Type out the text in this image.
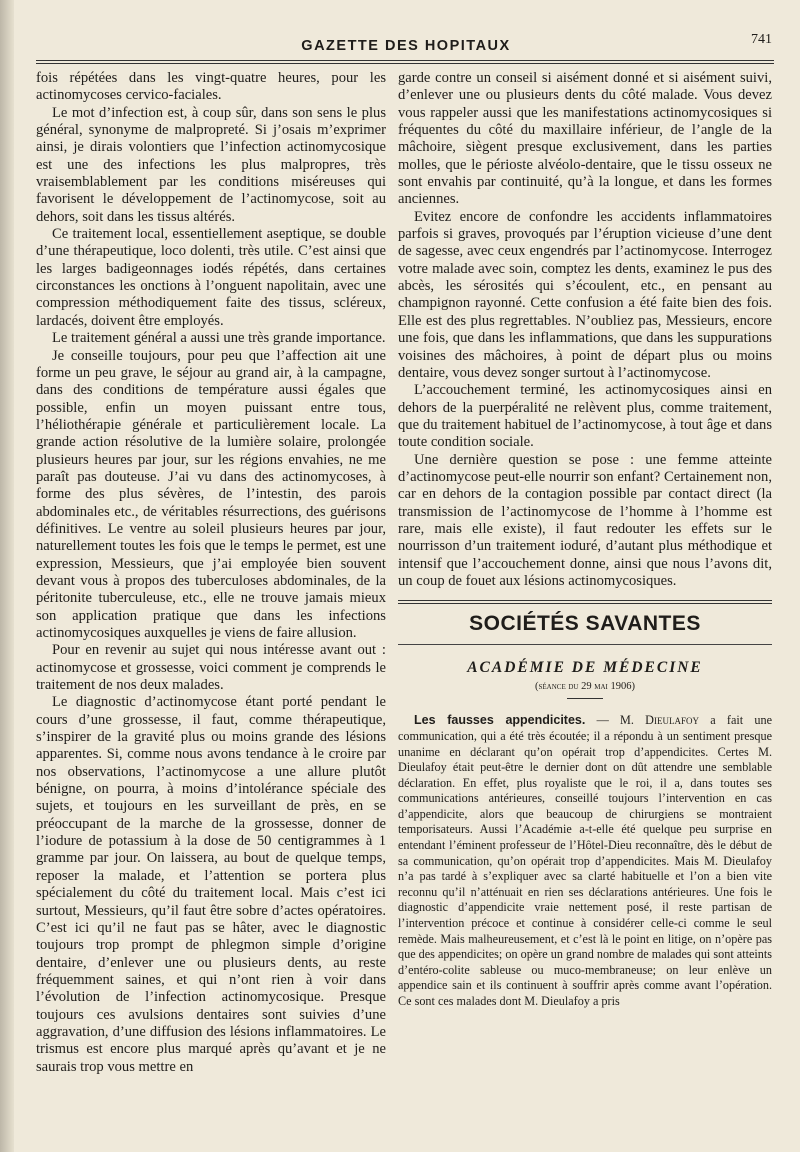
GAZETTE DES HOPITAUX	741

fois répétées dans les vingt-quatre heures, pour les actinomycoses cervico-faciales.

Le mot d’infection est, à coup sûr, dans son sens le plus général, synonyme de malpropreté. Si j’osais m’exprimer ainsi, je dirais volontiers que l’infection actinomycosique est une des infections les plus malpropres, très vraisemblablement par les conditions miséreuses qui favorisent le développement de l’actinomycose, soit au dehors, soit dans les tissus altérés.

Ce traitement local, essentiellement aseptique, se double d’une thérapeutique, loco dolenti, très utile. C’est ainsi que les larges badigeonnages iodés répétés, dans certaines circonstances les onctions à l’onguent napolitain, avec une compression méthodiquement faite des tissus, scléreux, lardacés, doivent être employés.

Le traitement général a aussi une très grande importance.

Je conseille toujours, pour peu que l’affection ait une forme un peu grave, le séjour au grand air, à la campagne, dans des conditions de température aussi égales que possible, enfin un moyen puissant entre tous, l’héliothérapie générale et particulièrement locale. La grande action résolutive de la lumière solaire, prolongée plusieurs heures par jour, sur les régions envahies, ne me paraît pas douteuse. J’ai vu dans des actinomycoses, à forme des plus sévères, de l’intestin, des parois abdominales etc., de véritables résurrections, des guérisons définitives. Le ventre au soleil plusieurs heures par jour, naturellement toutes les fois que le temps le permet, est une expression, Messieurs, que j’ai employée bien souvent devant vous à propos des tuberculoses abdominales, de la péritonite tuberculeuse, etc., elle ne trouve jamais mieux son application pratique que dans les infections actinomycosiques auxquelles je viens de faire allusion.

Pour en revenir au sujet qui nous intéresse avant out : actinomycose et grossesse, voici comment je comprends le traitement de nos deux malades.

Le diagnostic d’actinomycose étant porté pendant le cours d’une grossesse, il faut, comme thérapeutique, s’inspirer de la gravité plus ou moins grande des lésions apparentes. Si, comme nous avons tendance à le croire par nos observations, l’actinomycose a une allure plutôt bénigne, on pourra, à moins d’intolérance spéciale des sujets, et toujours en les surveillant de près, en se préoccupant de la marche de la grossesse, donner de l’iodure de potassium à la dose de 50 centigrammes à 1 gramme par jour. On laissera, au bout de quelque temps, reposer la malade, et l’attention se portera plus spécialement du côté du traitement local. Mais c’est ici surtout, Messieurs, qu’il faut être sobre d’actes opératoires. C’est ici qu’il ne faut pas se hâter, avec le diagnostic toujours trop prompt de phlegmon simple d’origine dentaire, d’enlever une ou plusieurs dents, au reste fréquemment saines, et qui n’ont rien à voir dans l’évolution de l’infection actinomycosique. Presque toujours ces avulsions dentaires sont suivies d’une aggravation, d’une diffusion des lésions inflammatoires. Le trismus est encore plus marqué après qu’avant et je ne saurais trop vous mettre en

garde contre un conseil si aisément donné et si aisément suivi, d’enlever une ou plusieurs dents du côté malade. Vous devez vous rappeler aussi que les manifestations actinomycosiques si fréquentes du côté du maxillaire inférieur, de l’angle de la mâchoire, siègent presque exclusivement, dans les parties molles, que le périoste alvéolo-dentaire, que le tissu osseux ne sont envahis par continuité, qu’à la longue, et dans les formes anciennes.

Evitez encore de confondre les accidents inflammatoires parfois si graves, provoqués par l’éruption vicieuse d’une dent de sagesse, avec ceux engendrés par l’actinomycose. Interrogez votre malade avec soin, comptez les dents, examinez le pus des abcès, les sérosités qui s’écoulent, etc., en pensant au champignon rayonné. Cette confusion a été faite bien des fois. Elle est des plus regrettables. N’oubliez pas, Messieurs, encore une fois, que dans les inflammations, que dans les suppurations voisines des mâchoires, à point de départ plus ou moins dentaire, vous devez songer surtout à l’actinomycose.

L’accouchement terminé, les actinomycosiques ainsi en dehors de la puerpéralité ne relèvent plus, comme traitement, que du traitement habituel de l’actinomycose, à tout âge et dans toute condition sociale.

Une dernière question se pose : une femme atteinte d’actinomycose peut-elle nourrir son enfant? Certainement non, car en dehors de la contagion possible par contact direct (la transmission de l’actinomycose de l’homme à l’homme est rare, mais elle existe), il faut redouter les effets sur le nourrisson d’un traitement ioduré, d’autant plus méthodique et intensif que l’accouchement donne, ainsi que nous l’avons dit, un coup de fouet aux lésions actinomycosiques.

SOCIÉTÉS SAVANTES
ACADÉMIE DE MÉDECINE
(séance du 29 mai 1906)

Les fausses appendicites. — M. Dieulafoy a fait une communication, qui a été très écoutée; il a répondu à un sentiment presque unanime en déclarant qu’on opérait trop d’appendicites. Certes M. Dieulafoy était peut-être le dernier dont on dût attendre une semblable déclaration. En effet, plus royaliste que le roi, il a, dans toutes ses communications antérieures, conseillé toujours l’intervention en cas d’appendicite, alors que beaucoup de chirurgiens se montraient temporisateurs. Aussi l’Académie a-t-elle été quelque peu surprise en entendant l’éminent professeur de l’Hôtel-Dieu reconnaître, dès le début de sa communication, qu’on opérait trop d’appendicites. Mais M. Dieulafoy n’a pas tardé à s’expliquer avec sa clarté habituelle et l’on a bien vite reconnu qu’il n’atténuait en rien ses déclarations antérieures. Une fois le diagnostic d’appendicite vraie nettement posé, il reste partisan de l’intervention précoce et continue à considérer celle-ci comme le seul remède. Mais malheureusement, et c’est là le point en litige, on n’opère pas que des appendicites; on opère un grand nombre de malades qui sont atteints d’entéro-colite sableuse ou muco-membraneuse; on leur enlève un appendice sain et ils continuent à souffrir après comme avant l’opération. Ce sont ces malades dont M. Dieulafoy a pris
